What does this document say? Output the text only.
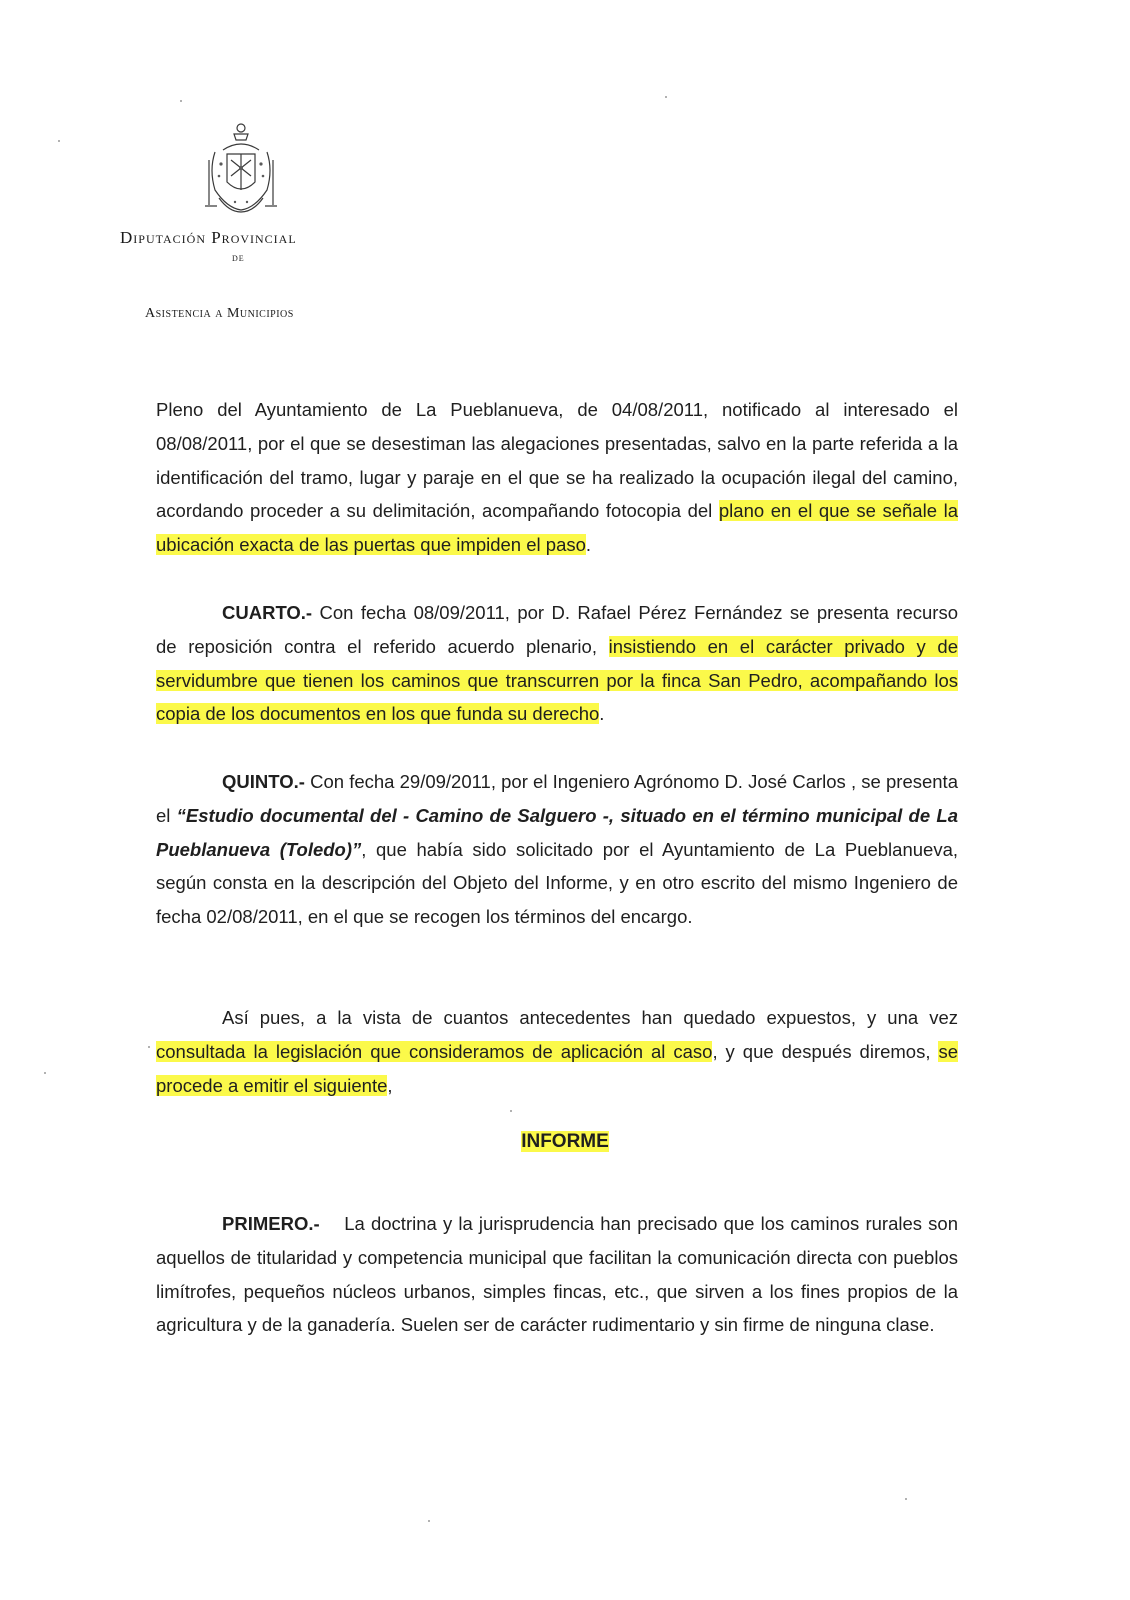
Diputación Provincial
de
Asistencia a Municipios

Pleno del Ayuntamiento de La Pueblanueva, de 04/08/2011, notificado al interesado el 08/08/2011, por el que se desestiman las alegaciones presentadas, salvo en la parte referida a la identificación del tramo, lugar y paraje en el que se ha realizado la ocupación ilegal del camino, acordando proceder a su delimitación, acompañando fotocopia del plano en el que se señale la ubicación exacta de las puertas que impiden el paso.

CUARTO.- Con fecha 08/09/2011, por D. Rafael Pérez Fernández se presenta recurso de reposición contra el referido acuerdo plenario, insistiendo en el carácter privado y de servidumbre que tienen los caminos que transcurren por la finca San Pedro, acompañando los copia de los documentos en los que funda su derecho.

QUINTO.- Con fecha 29/09/2011, por el Ingeniero Agrónomo D. José Carlos , se presenta el “Estudio documental del - Camino de Salguero -, situado en el término municipal de La Pueblanueva (Toledo)”, que había sido solicitado por el Ayuntamiento de La Pueblanueva, según consta en la descripción del Objeto del Informe, y en otro escrito del mismo Ingeniero de fecha 02/08/2011, en el que se recogen los términos del encargo.

Así pues, a la vista de cuantos antecedentes han quedado expuestos, y una vez consultada la legislación que consideramos de aplicación al caso, y que después diremos, se procede a emitir el siguiente,

INFORME

PRIMERO.-    La doctrina y la jurisprudencia han precisado que los caminos rurales son aquellos de titularidad y competencia municipal que facilitan la comunicación directa con pueblos limítrofes, pequeños núcleos urbanos, simples fincas, etc., que sirven a los fines propios de la agricultura y de la ganadería. Suelen ser de carácter rudimentario y sin firme de ninguna clase.
